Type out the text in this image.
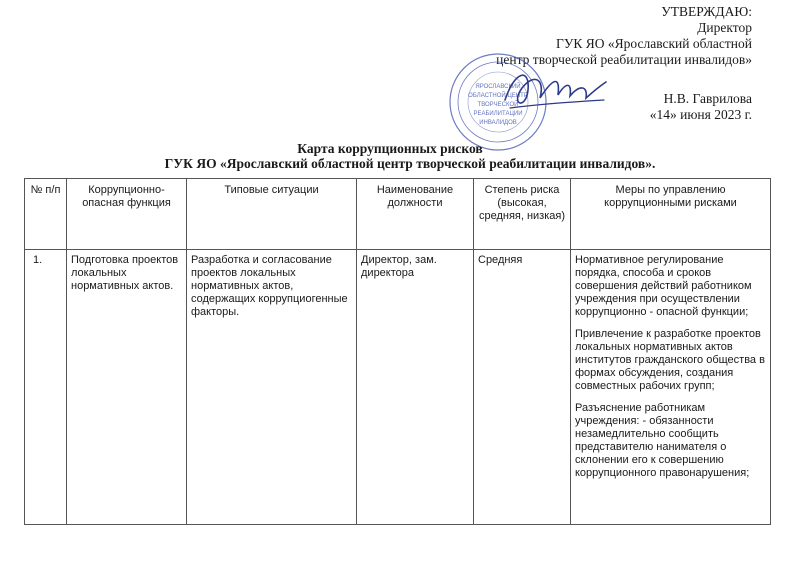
УТВЕРЖДАЮ:
Директор
ГУК ЯО «Ярославский областной
центр творческой реабилитации инвалидов»
Н.В. Гаврилова
«14» июня 2023 г.
ЯРОСЛАВСКИЙ
ОБЛАСТНОЙ ЦЕНТР
ТВОРЧЕСКОЙ
РЕАБИЛИТАЦИИ
ИНВАЛИДОВ
Карта коррупционных рисков
ГУК ЯО «Ярославский областной центр творческой реабилитации инвалидов».
№ п/п	Коррупционно-опасная функция	Типовые ситуации	Наименование должности	Степень риска (высокая, средняя, низкая)	Меры по управлению коррупционными рисками
1.	Подготовка проектов локальных нормативных актов.	Разработка и согласование проектов локальных нормативных актов, содержащих коррупциогенные факторы.	Директор, зам. директора	Средняя	Нормативное регулирование порядка, способа и сроков совершения действий работником учреждения при осуществлении коррупционно - опасной функции;
Привлечение к разработке проектов локальных нормативных актов институтов гражданского общества в формах обсуждения, создания совместных рабочих групп;
Разъяснение работникам учреждения: - обязанности незамедлительно сообщить представителю нанимателя о склонении его к совершению коррупционного правонарушения;
